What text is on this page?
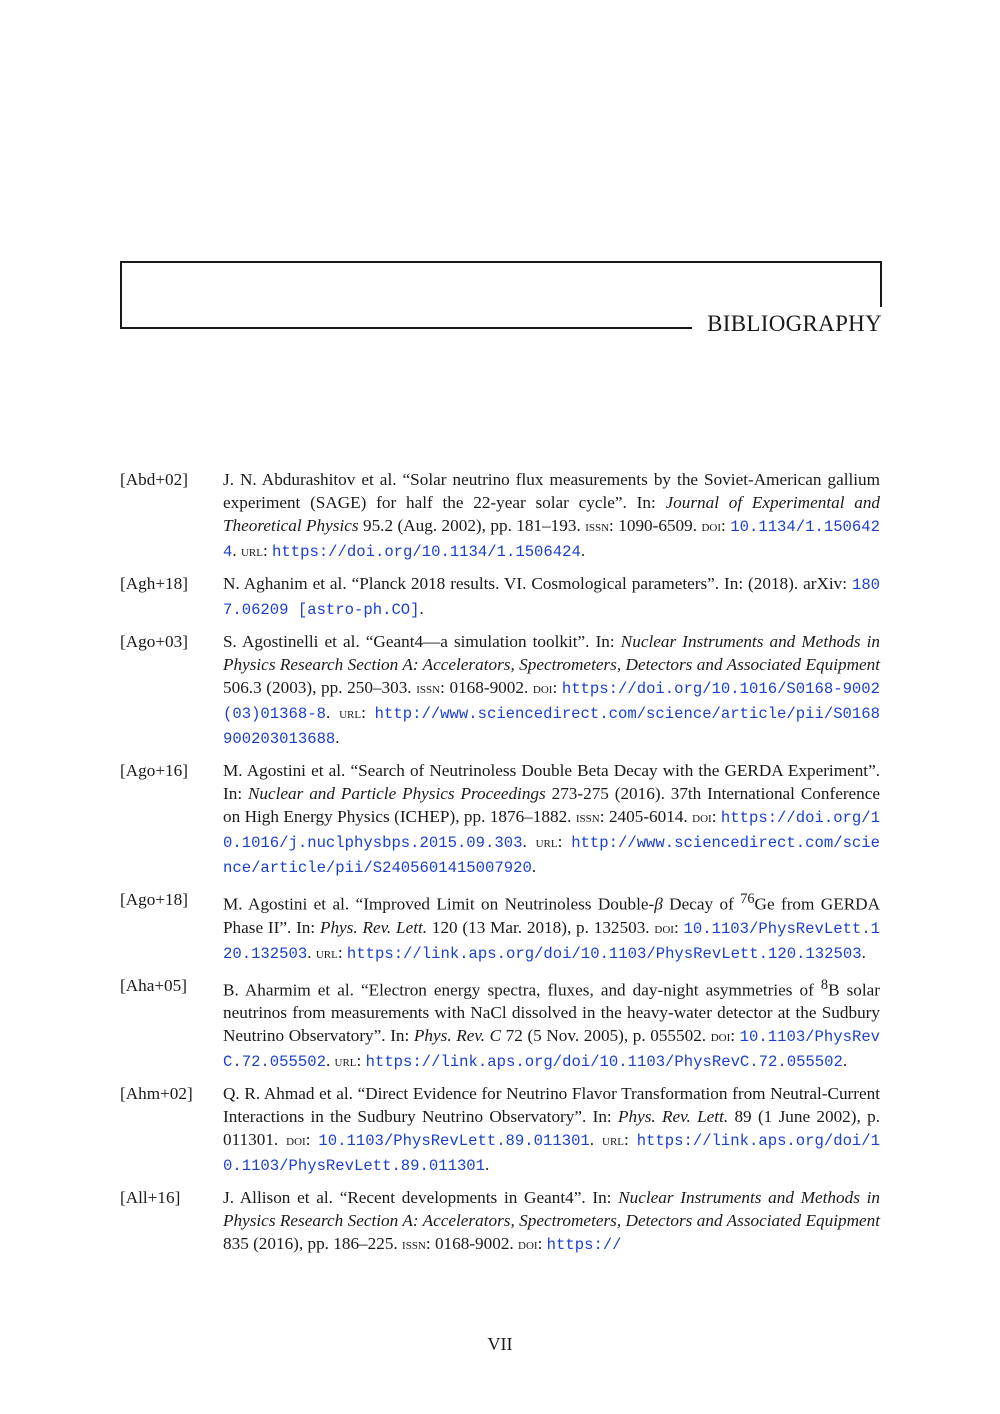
BIBLIOGRAPHY
[Abd+02]	J. N. Abdurashitov et al. “Solar neutrino flux measurements by the Soviet-American gallium experiment (SAGE) for half the 22-year solar cycle”. In: Journal of Experimental and Theoretical Physics 95.2 (Aug. 2002), pp. 181–193. issn: 1090-6509. doi: 10.1134/1.1506424. url: https://doi.org/10.1134/1.1506424.
[Agh+18]	N. Aghanim et al. “Planck 2018 results. VI. Cosmological parameters”. In: (2018). arXiv: 1807.06209 [astro-ph.CO].
[Ago+03]	S. Agostinelli et al. “Geant4—a simulation toolkit”. In: Nuclear Instruments and Methods in Physics Research Section A: Accelerators, Spectrometers, Detectors and Associated Equipment 506.3 (2003), pp. 250–303. issn: 0168-9002. doi: https://doi.org/10.1016/S0168-9002(03)01368-8. url: http://www.sciencedirect.com/science/article/pii/S0168900203013688.
[Ago+16]	M. Agostini et al. “Search of Neutrinoless Double Beta Decay with the GERDA Experiment”. In: Nuclear and Particle Physics Proceedings 273-275 (2016). 37th International Conference on High Energy Physics (ICHEP), pp. 1876–1882. issn: 2405-6014. doi: https://doi.org/10.1016/j.nuclphysbps.2015.09.303. url: http://www.sciencedirect.com/science/article/pii/S2405601415007920.
[Ago+18]	M. Agostini et al. “Improved Limit on Neutrinoless Double-β Decay of $^{76}$Ge from GERDA Phase II”. In: Phys. Rev. Lett. 120 (13 Mar. 2018), p. 132503. doi: 10.1103/PhysRevLett.120.132503. url: https://link.aps.org/doi/10.1103/PhysRevLett.120.132503.
[Aha+05]	B. Aharmim et al. “Electron energy spectra, fluxes, and day-night asymmetries of $^8$B solar neutrinos from measurements with NaCl dissolved in the heavy-water detector at the Sudbury Neutrino Observatory”. In: Phys. Rev. C 72 (5 Nov. 2005), p. 055502. doi: 10.1103/PhysRevC.72.055502. url: https://link.aps.org/doi/10.1103/PhysRevC.72.055502.
[Ahm+02]	Q. R. Ahmad et al. “Direct Evidence for Neutrino Flavor Transformation from Neutral-Current Interactions in the Sudbury Neutrino Observatory”. In: Phys. Rev. Lett. 89 (1 June 2002), p. 011301. doi: 10.1103/PhysRevLett.89.011301. url: https://link.aps.org/doi/10.1103/PhysRevLett.89.011301.
[All+16]	J. Allison et al. “Recent developments in Geant4”. In: Nuclear Instruments and Methods in Physics Research Section A: Accelerators, Spectrometers, Detectors and Associated Equipment 835 (2016), pp. 186–225. issn: 0168-9002. doi: https://
VII
